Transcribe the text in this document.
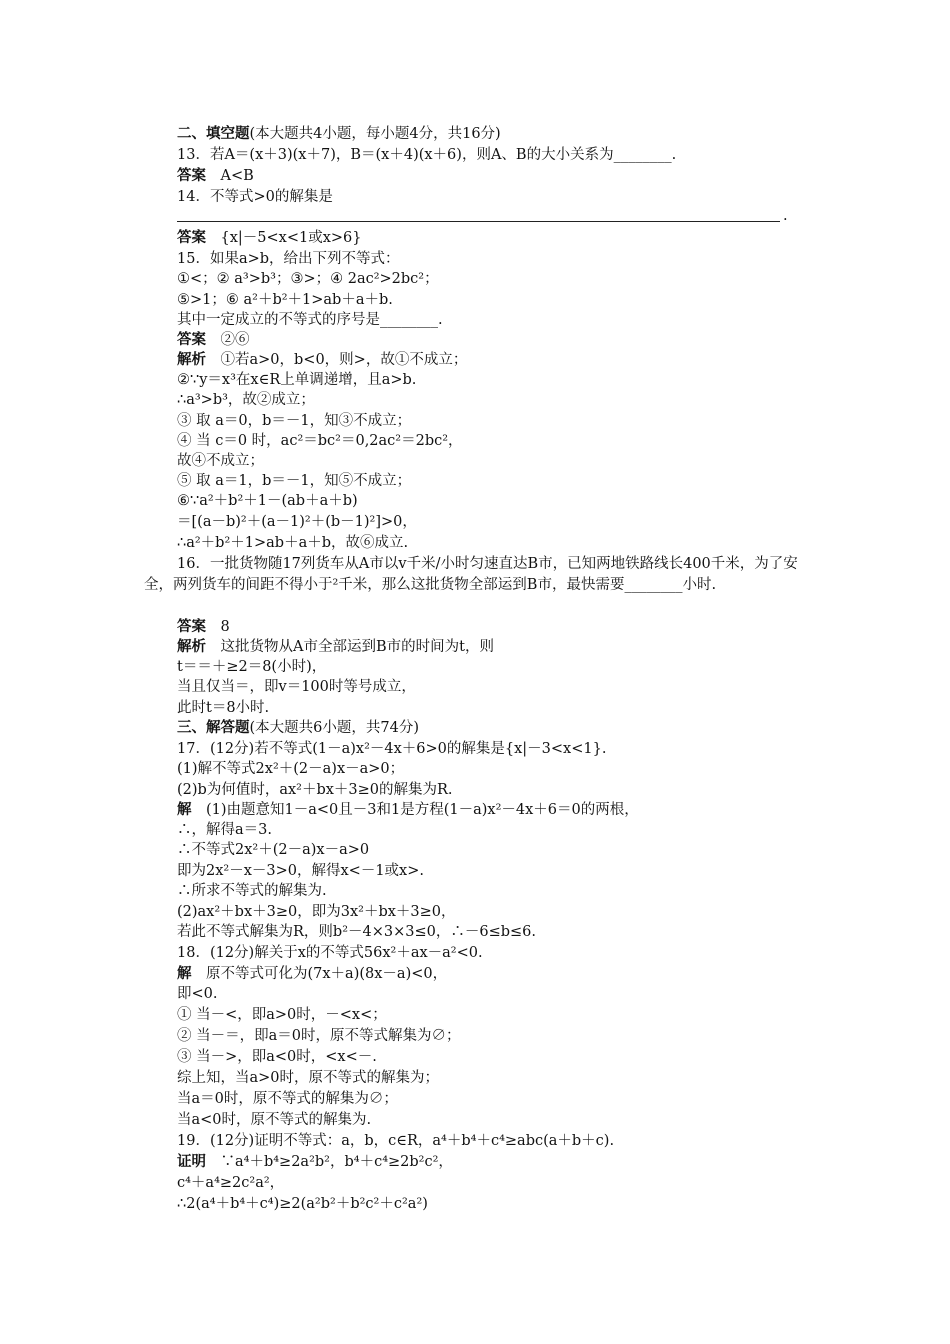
二、填空题(本大题共4小题，每小题4分，共16分)
13．若A＝(x＋3)(x＋7)，B＝(x＋4)(x＋6)，则A、B的大小关系为________.
答案　A<B
14．不等式>0的解集是
.
答案　{x|－5<x<1或x>6}
15．如果a>b，给出下列不等式：
①<；② a³>b³；③>；④ 2ac²>2bc²；
⑤>1；⑥ a²＋b²＋1>ab＋a＋b.
其中一定成立的不等式的序号是________.
答案　②⑥
解析　①若a>0，b<0，则>，故①不成立；
②∵y＝x³在x∈R上单调递增，且a>b.
∴a³>b³，故②成立；
③ 取 a＝0，b＝－1，知③不成立；
④ 当 c＝0 时，ac²＝bc²＝0,2ac²＝2bc²，
故④不成立；
⑤ 取 a＝1，b＝－1，知⑤不成立；
⑥∵a²＋b²＋1－(ab＋a＋b)
＝[(a－b)²＋(a－1)²＋(b－1)²]>0，
∴a²＋b²＋1>ab＋a＋b，故⑥成立.
16．一批货物随17列货车从A市以v千米/小时匀速直达B市，已知两地铁路线长400千米，为了安全，两列货车的间距不得小于²千米，那么这批货物全部运到B市，最快需要________小时.
答案　8
解析　这批货物从A市全部运到B市的时间为t，则
t＝＝＋≥2＝8(小时)，
当且仅当＝，即v＝100时等号成立，
此时t＝8小时.
三、解答题(本大题共6小题，共74分)
17．(12分)若不等式(1－a)x²－4x＋6>0的解集是{x|－3<x<1}.
(1)解不等式2x²＋(2－a)x－a>0；
(2)b为何值时，ax²＋bx＋3≥0的解集为R.
解　(1)由题意知1－a<0且－3和1是方程(1－a)x²－4x＋6＝0的两根，
∴，解得a＝3.
∴不等式2x²＋(2－a)x－a>0
即为2x²－x－3>0，解得x<－1或x>.
∴所求不等式的解集为.
(2)ax²＋bx＋3≥0，即为3x²＋bx＋3≥0，
若此不等式解集为R，则b²－4×3×3≤0，∴－6≤b≤6.
18．(12分)解关于x的不等式56x²＋ax－a²<0.
解　原不等式可化为(7x＋a)(8x－a)<0，
即<0.
① 当－<，即a>0时，－<x<；
② 当－＝，即a＝0时，原不等式解集为∅；
③ 当－>，即a<0时，<x<－.
综上知，当a>0时，原不等式的解集为；
当a＝0时，原不等式的解集为∅；
当a<0时，原不等式的解集为.
19．(12分)证明不等式：a，b，c∈R，a⁴＋b⁴＋c⁴≥abc(a＋b＋c).
证明　∵a⁴＋b⁴≥2a²b²，b⁴＋c⁴≥2b²c²，
c⁴＋a⁴≥2c²a²，
∴2(a⁴＋b⁴＋c⁴)≥2(a²b²＋b²c²＋c²a²)
